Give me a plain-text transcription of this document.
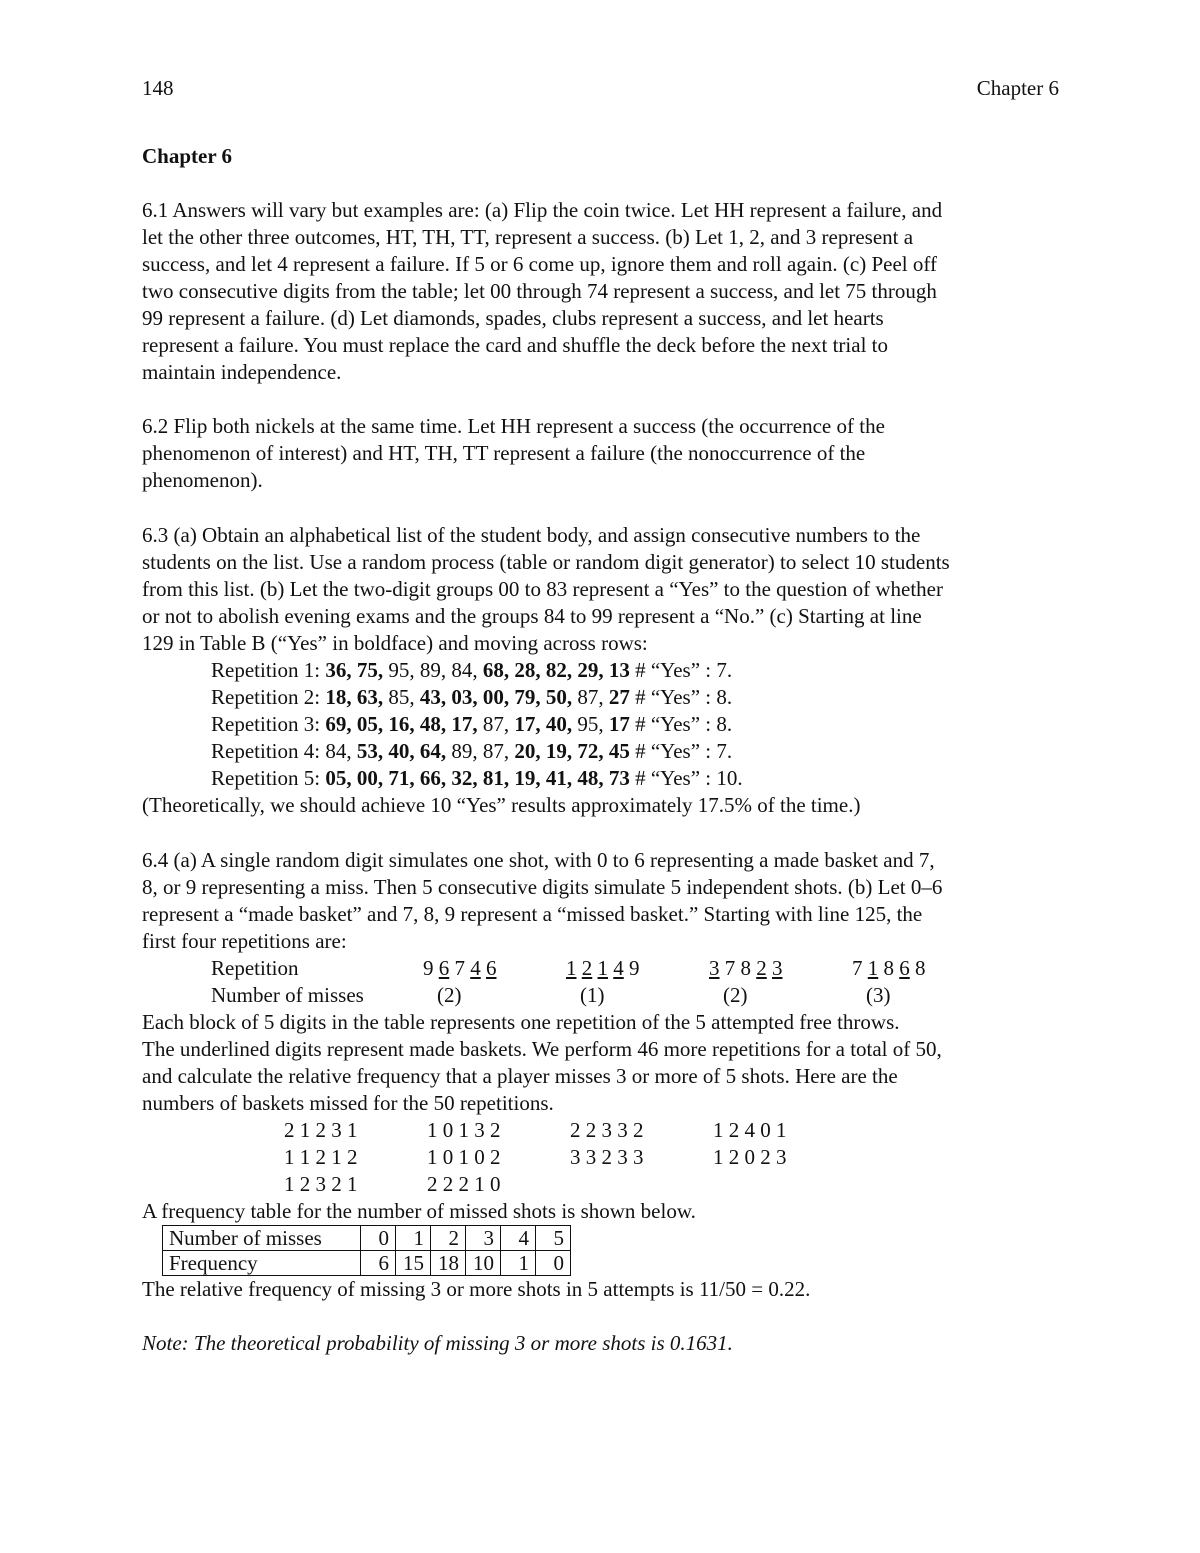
148	Chapter 6
Chapter 6

6.1 Answers will vary but examples are: (a) Flip the coin twice. Let HH represent a failure, and

let the other three outcomes, HT, TH, TT, represent a success. (b) Let 1, 2, and 3 represent a

success, and let 4 represent a failure. If 5 or 6 come up, ignore them and roll again. (c) Peel off

two consecutive digits from the table; let 00 through 74 represent a success, and let 75 through

99 represent a failure. (d) Let diamonds, spades, clubs represent a success, and let hearts

represent a failure. You must replace the card and shuffle the deck before the next trial to

maintain independence.

6.2 Flip both nickels at the same time. Let HH represent a success (the occurrence of the

phenomenon of interest) and HT, TH, TT represent a failure (the nonoccurrence of the

phenomenon).

6.3 (a) Obtain an alphabetical list of the student body, and assign consecutive numbers to the

students on the list. Use a random process (table or random digit generator) to select 10 students

from this list. (b) Let the two-digit groups 00 to 83 represent a “Yes” to the question of whether

or not to abolish evening exams and the groups 84 to 99 represent a “No.” (c) Starting at line

129 in Table B (“Yes” in boldface) and moving across rows:

Repetition 1: 36, 75, 95, 89, 84, 68, 28, 82, 29, 13 # “Yes” : 7.
Repetition 2: 18, 63, 85, 43, 03, 00, 79, 50, 87, 27 # “Yes” : 8.
Repetition 3: 69, 05, 16, 48, 17, 87, 17, 40, 95, 17 # “Yes” : 8.
Repetition 4: 84, 53, 40, 64, 89, 87, 20, 19, 72, 45 # “Yes” : 7.
Repetition 5: 05, 00, 71, 66, 32, 81, 19, 41, 48, 73 # “Yes” : 10.

(Theoretically, we should achieve 10 “Yes” results approximately 17.5% of the time.)

6.4 (a) A single random digit simulates one shot, with 0 to 6 representing a made basket and 7,

8, or 9 representing a miss. Then 5 consecutive digits simulate 5 independent shots. (b) Let 0–6

represent a “made basket” and 7, 8, 9 represent a “missed basket.” Starting with line 125, the

first four repetitions are:

Repetition	9 6 7 4 6	1 2 1 4 9	3 7 8 2 3	7 1 8 6 8
Number of misses	(2)	(1)	(2)	(3)

Each block of 5 digits in the table represents one repetition of the 5 attempted free throws.

The underlined digits represent made baskets. We perform 46 more repetitions for a total of 50,

and calculate the relative frequency that a player misses 3 or more of 5 shots. Here are the

numbers of baskets missed for the 50 repetitions.

2 1 2 3 1	1 0 1 3 2	2 2 3 3 2	1 2 4 0 1
1 1 2 1 2	1 0 1 0 2	3 3 2 3 3	1 2 0 2 3
1 2 3 2 1	2 2 2 1 0

A frequency table for the number of missed shots is shown below.

Number of misses	0	1	2	3	4	5
Frequency	6	15	18	10	1	0

The relative frequency of missing 3 or more shots in 5 attempts is 11/50 = 0.22.

Note: The theoretical probability of missing 3 or more shots is 0.1631.
